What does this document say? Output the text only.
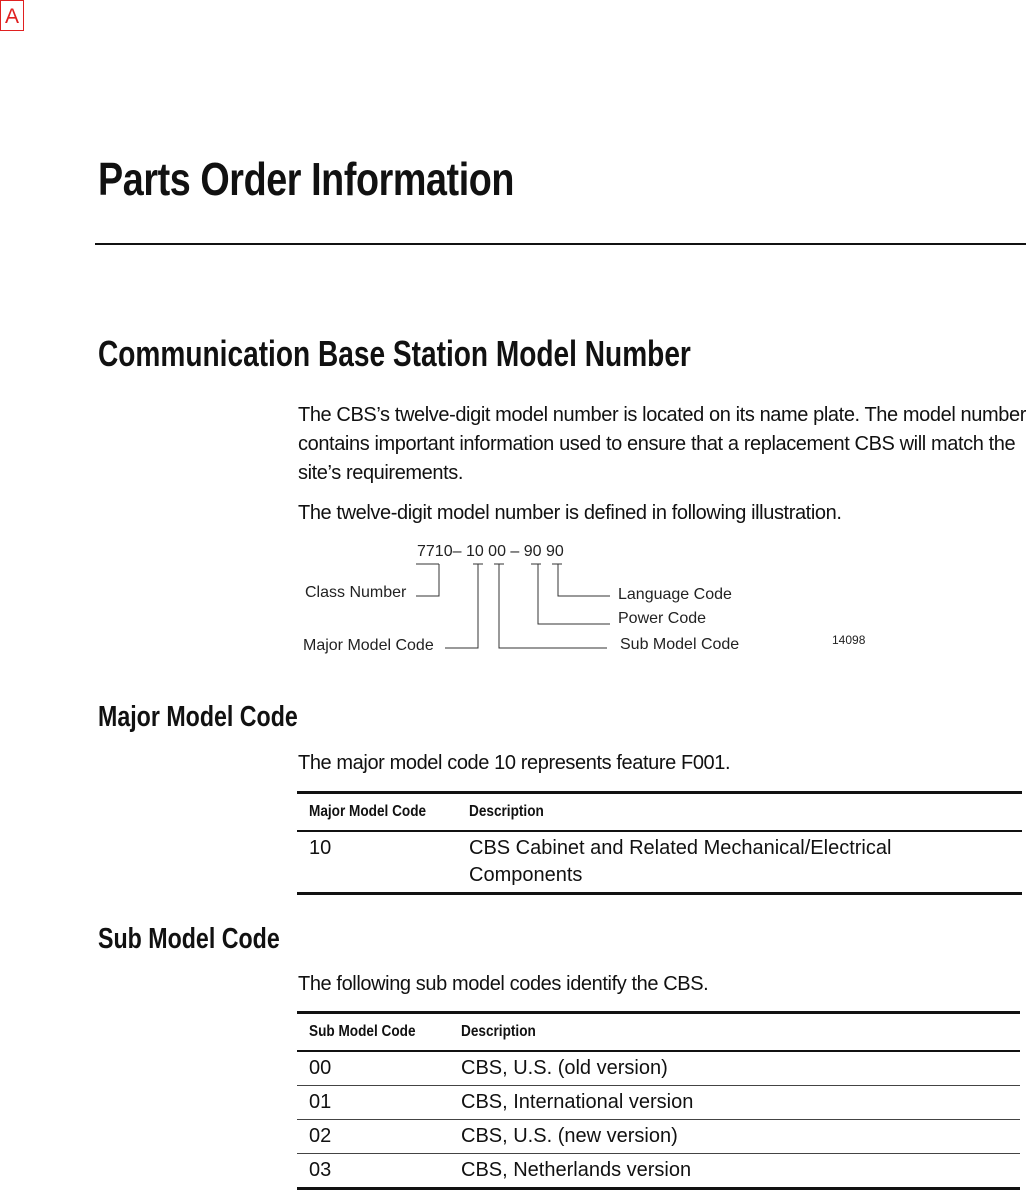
A
Parts Order Information
Communication Base Station Model Number
The CBS’s twelve-digit model number is located on its name plate. The model number contains important information used to ensure that a replacement CBS will match the site’s requirements.
The twelve-digit model number is defined in following illustration.
7710– 10 00 – 90 90
Class Number
Major Model Code
Language Code
Power Code
Sub Model Code	14098
Major Model Code
The major model code 10 represents feature F001.
Major Model Code	Description
10	CBS Cabinet and Related Mechanical/Electrical Components
Sub Model Code
The following sub model codes identify the CBS.
Sub Model Code	Description
00	CBS, U.S. (old version)
01	CBS, International version
02	CBS, U.S. (new version)
03	CBS, Netherlands version
